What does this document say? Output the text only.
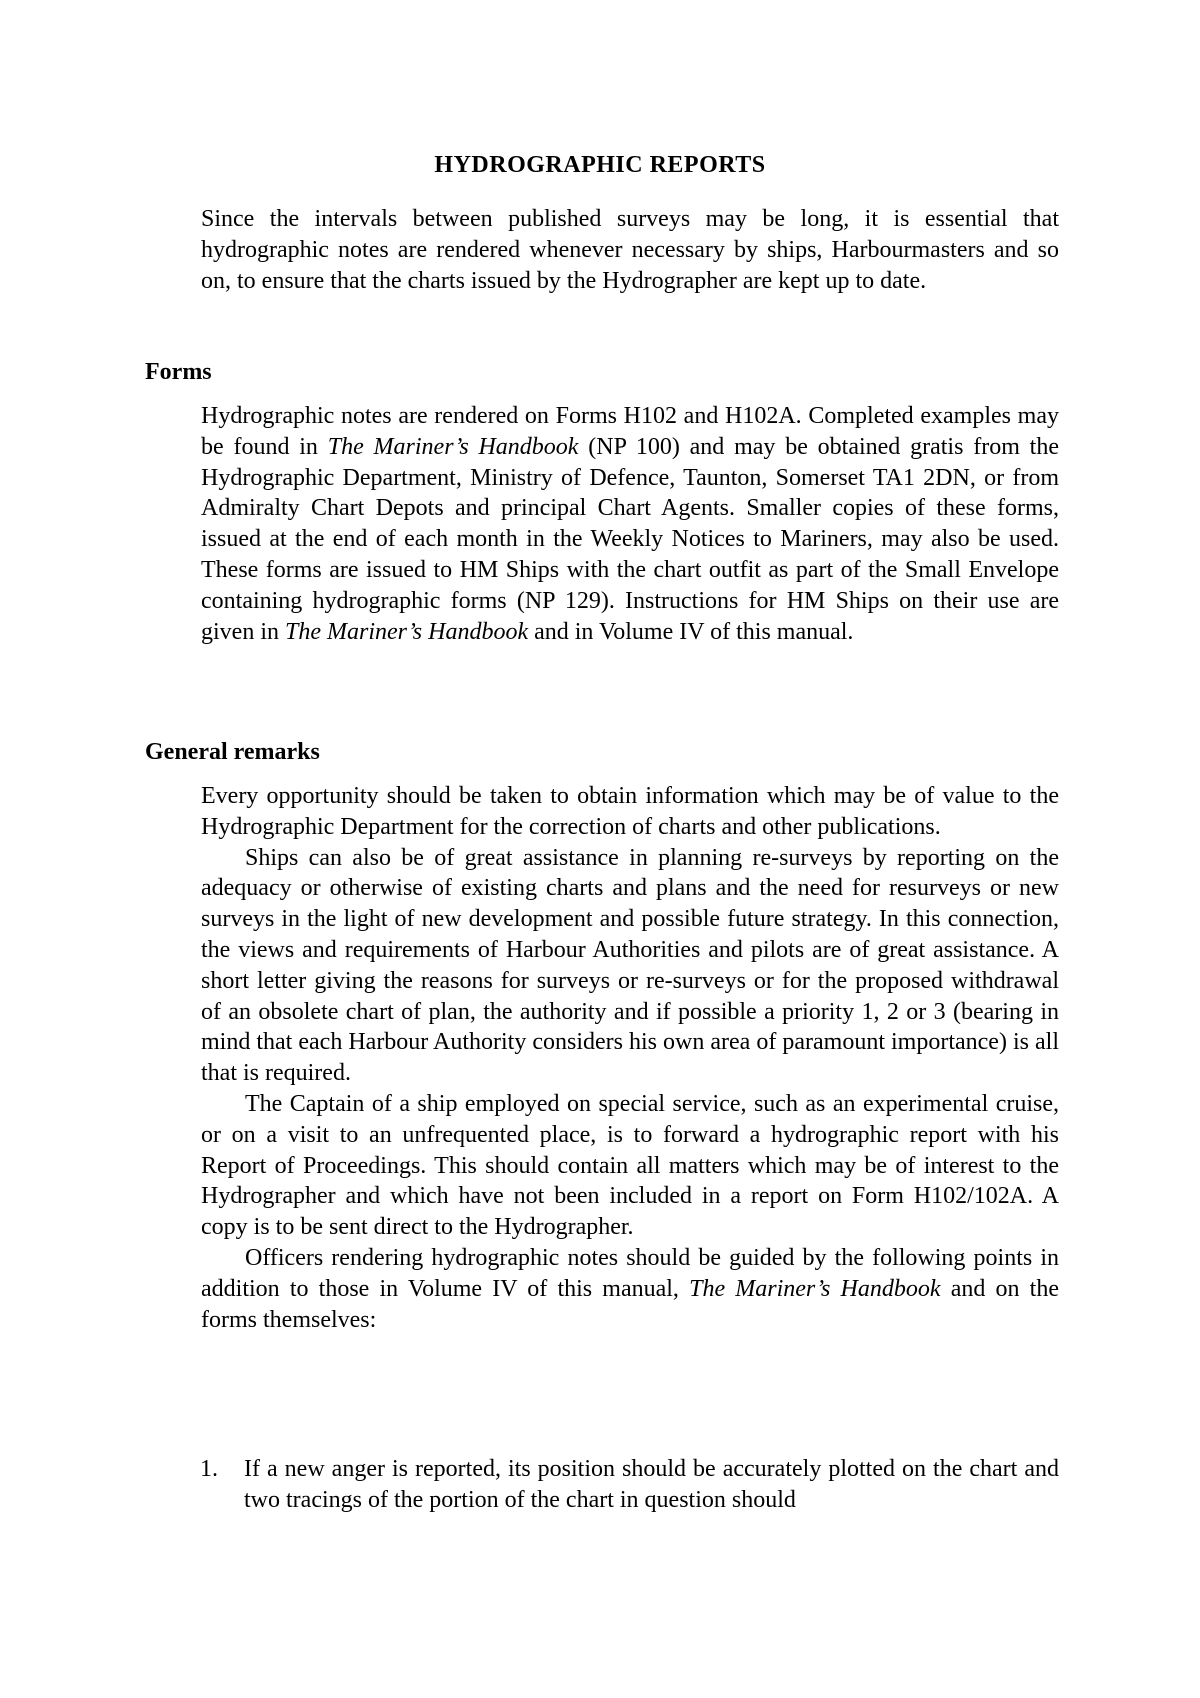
HYDROGRAPHIC REPORTS

Since the intervals between published surveys may be long, it is essential that hydrographic notes are rendered whenever necessary by ships, Harbourmasters and so on, to ensure that the charts issued by the Hydrographer are kept up to date.

Forms

Hydrographic notes are rendered on Forms H102 and H102A. Completed examples may be found in The Mariner’s Handbook (NP 100) and may be obtained gratis from the Hydrographic Department, Ministry of Defence, Taunton, Somerset TA1 2DN, or from Admiralty Chart Depots and principal Chart Agents. Smaller copies of these forms, issued at the end of each month in the Weekly Notices to Mariners, may also be used. These forms are issued to HM Ships with the chart outfit as part of the Small Envelope containing hydrographic forms (NP 129). Instructions for HM Ships on their use are given in The Mariner’s Handbook and in Volume IV of this manual.

General remarks

Every opportunity should be taken to obtain information which may be of value to the Hydrographic Department for the correction of charts and other publications.

Ships can also be of great assistance in planning re-surveys by reporting on the adequacy or otherwise of existing charts and plans and the need for resurveys or new surveys in the light of new development and possible future strategy. In this connection, the views and requirements of Harbour Authorities and pilots are of great assistance. A short letter giving the reasons for surveys or re-surveys or for the proposed withdrawal of an obsolete chart of plan, the authority and if possible a priority 1, 2 or 3 (bearing in mind that each Harbour Authority considers his own area of paramount importance) is all that is required.

The Captain of a ship employed on special service, such as an experimental cruise, or on a visit to an unfrequented place, is to forward a hydrographic report with his Report of Proceedings. This should contain all matters which may be of interest to the Hydrographer and which have not been included in a report on Form H102/102A. A copy is to be sent direct to the Hydrographer.

Officers rendering hydrographic notes should be guided by the following points in addition to those in Volume IV of this manual, The Mariner’s Handbook and on the forms themselves:

1.	If a new anger is reported, its position should be accurately plotted on the chart and two tracings of the portion of the chart in question should
